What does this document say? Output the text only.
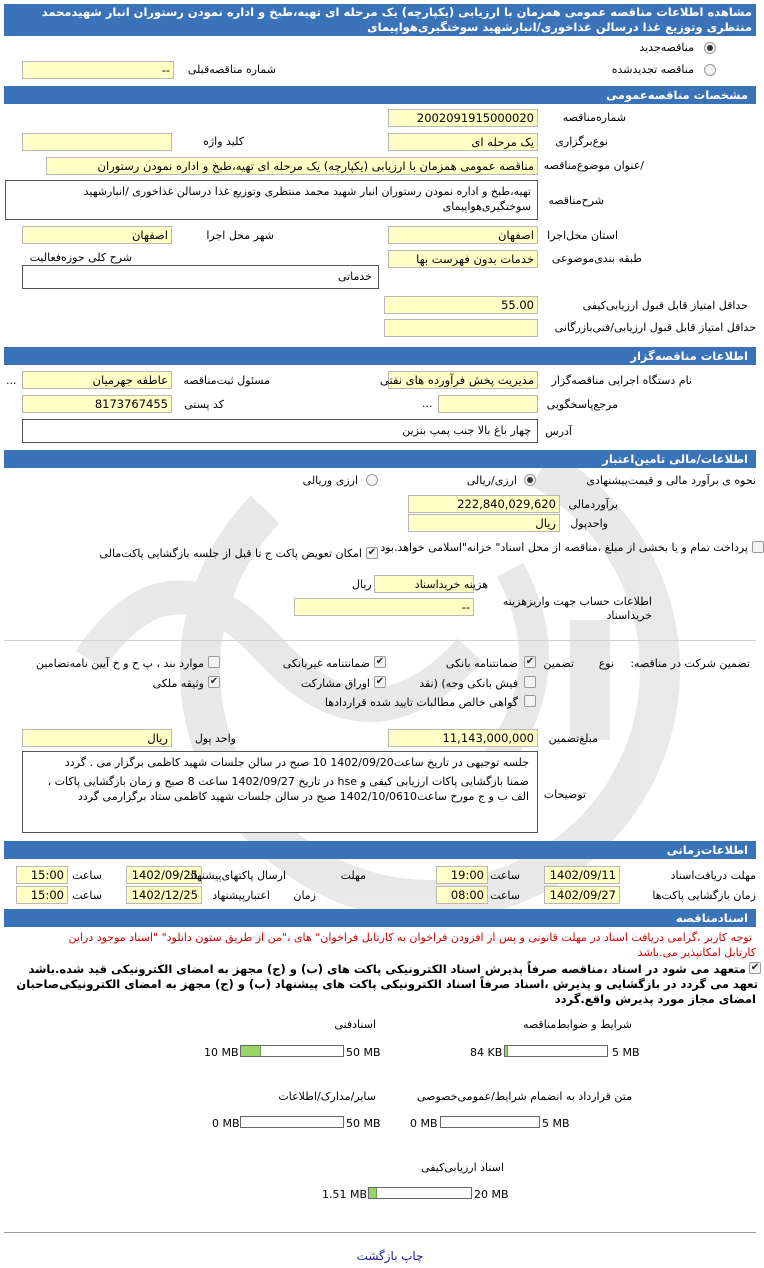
مشاهده اطلاعات مناقصه عمومی همزمان با ارزیابی (یکپارچه) یک مرحله ای تهیه،طبخ و اداره نمودن رستوران انبار شهیدمحمد
منتظری وتوزیع غذا درسالن غذاخوری/انبارشهید سوختگیری‌هواپیمای
مناقصه‌جدید
مناقصه تجدیدشده
--	شماره مناقصه‌قبلی
مشخصات مناقصه‌عمومی
2002091915000020	شماره‌مناقصه
یک مرحله ای	نوع‌برگزاری
کلید واژه
مناقصه عمومی همزمان با ارزیابی (یکپارچه) یک مرحله ای تهیه،طبخ و اداره نمودن رستوران /عنوان موضوع‌مناقصه
تهیه،طبخ و اداره نمودن رستوران انبار شهید محمد منتظری وتوزیع غذا درسالن غذاخوری /انبارشهید سوختگیری‌هواپیمای	شرح‌مناقصه
اصفهان	استان محل‌اجرا
اصفهان	شهر محل اجرا
خدمات بدون فهرست بها	طبقه بندی‌موضوعی
شرح کلی حوزه‌فعالیت
خدماتی
55.00	حداقل امتیاز قابل قبول ارزیابی‌کیفی
حداقل امتیاز قابل قبول ارزیابی/فنی‌بازرگانی
اطلاعات مناقصه‌گزار
مدیریت پخش فرآورده های نفتی	نام دستگاه اجرایی مناقصه‌گزار
عاطفه جهرمیان	مسئول ثبت‌مناقصه
...
مرجع‌پاسخگویی
...
8173767455	کد پستی
چهار باغ بالا جنب پمپ بنزین	آدرس
اطلاعات/مالی تامین‌اعتبار
نحوه ی برآورد مالی و قیمت‌پیشنهادی
ارزی/ریالی
ارزی وریالی
222,840,029,620	برآوردمالی
ریال	واحدپول
پرداخت تمام و یا بخشی از مبلغ ،مناقصه از محل اسناد" خزانه"اسلامی خواهد.بود
✔
امکان تعویض پاکت ج تا قبل از جلسه بازگشایی پاکت‌مالی
هزینه خریداسناد
ریال
--	اطلاعات حساب جهت واریزهزینه خریداسناد
تضمین شرکت در مناقصه:
نوع
تضمین
✔
ضمانتنامه بانکی
✔
ضمانتنامه غیربانکی
موارد بند ، پ ح و خ آیین نامه‌تضامین
فیش بانکی وجه) (نقد
✔
اوراق مشارکت
✔
وثیقه ملکی
گواهی خالص مطالبات تایید شده قراردادها
11,143,000,000	مبلغ‌تضمین
ریال	واحد پول
جلسه توجیهی در تاریخ ساعت1402/09/20 10 صبح در سالن جلسات شهید کاظمی برگزار می . گردد
ضمنا بازگشایی پاکات ارزیابی کیفی و hse در تاریخ 1402/09/27 ساعت 8 صبح و زمان بازگشایی پاکات ، الف ب و ج مورخ ساعت1402/10/0610 صبح در سالن جلسات شهید کاظمی ستاد برگزارمی گردد توضیحات
اطلاعات‌زمانی
1402/09/11	مهلت دریافت‌اسناد
19:00 ساعت
مهلت
1402/09/25
ارسال پاکتهای‌پیشنهاد
15:00 ساعت
1402/09/27	زمان بازگشایی پاکت‌ها
08:00 ساعت
زمان
1402/12/25	اعتبارپیشنهاد
15:00 ساعت
اسنادمناقصه
توجه کاربر ،گرامی دریافت اسناد در مهلت قانونی و پس از افزودن فراخوان به کارتابل فراخوان" های ،"من از طریق ستون دانلود" "اسناد موجود دراین
کارتابل امکانپذیر می.باشد
✔
متعهد می شود در اسناد ،مناقصه صرفاً پذیرش اسناد الکترونیکی پاکت های (ب) و (ج) مجهز به امضای الکترونیکی قید شده.باشد
تعهد می گردد در بازگشایی و پذیرش ،اسناد صرفاً اسناد الکترونیکی پاکت های پیشنهاد (ب) و (ج) مجهز به امضای الکترونیکی‌صاحبان
امضای مجاز مورد پذیرش واقع.گردد
شرایط و ضوابط‌مناقصه
84 KB	5 MB
اسنادفنی
10 MB	50 MB
متن قرارداد به انضمام شرایط/عمومی‌خصوصی
0 MB	5 MB
سایر/مدارک/اطلاعات
0 MB	50 MB
اسناد ارزیابی‌کیفی
1.51 MB	20 MB
چاپ بازگشت
